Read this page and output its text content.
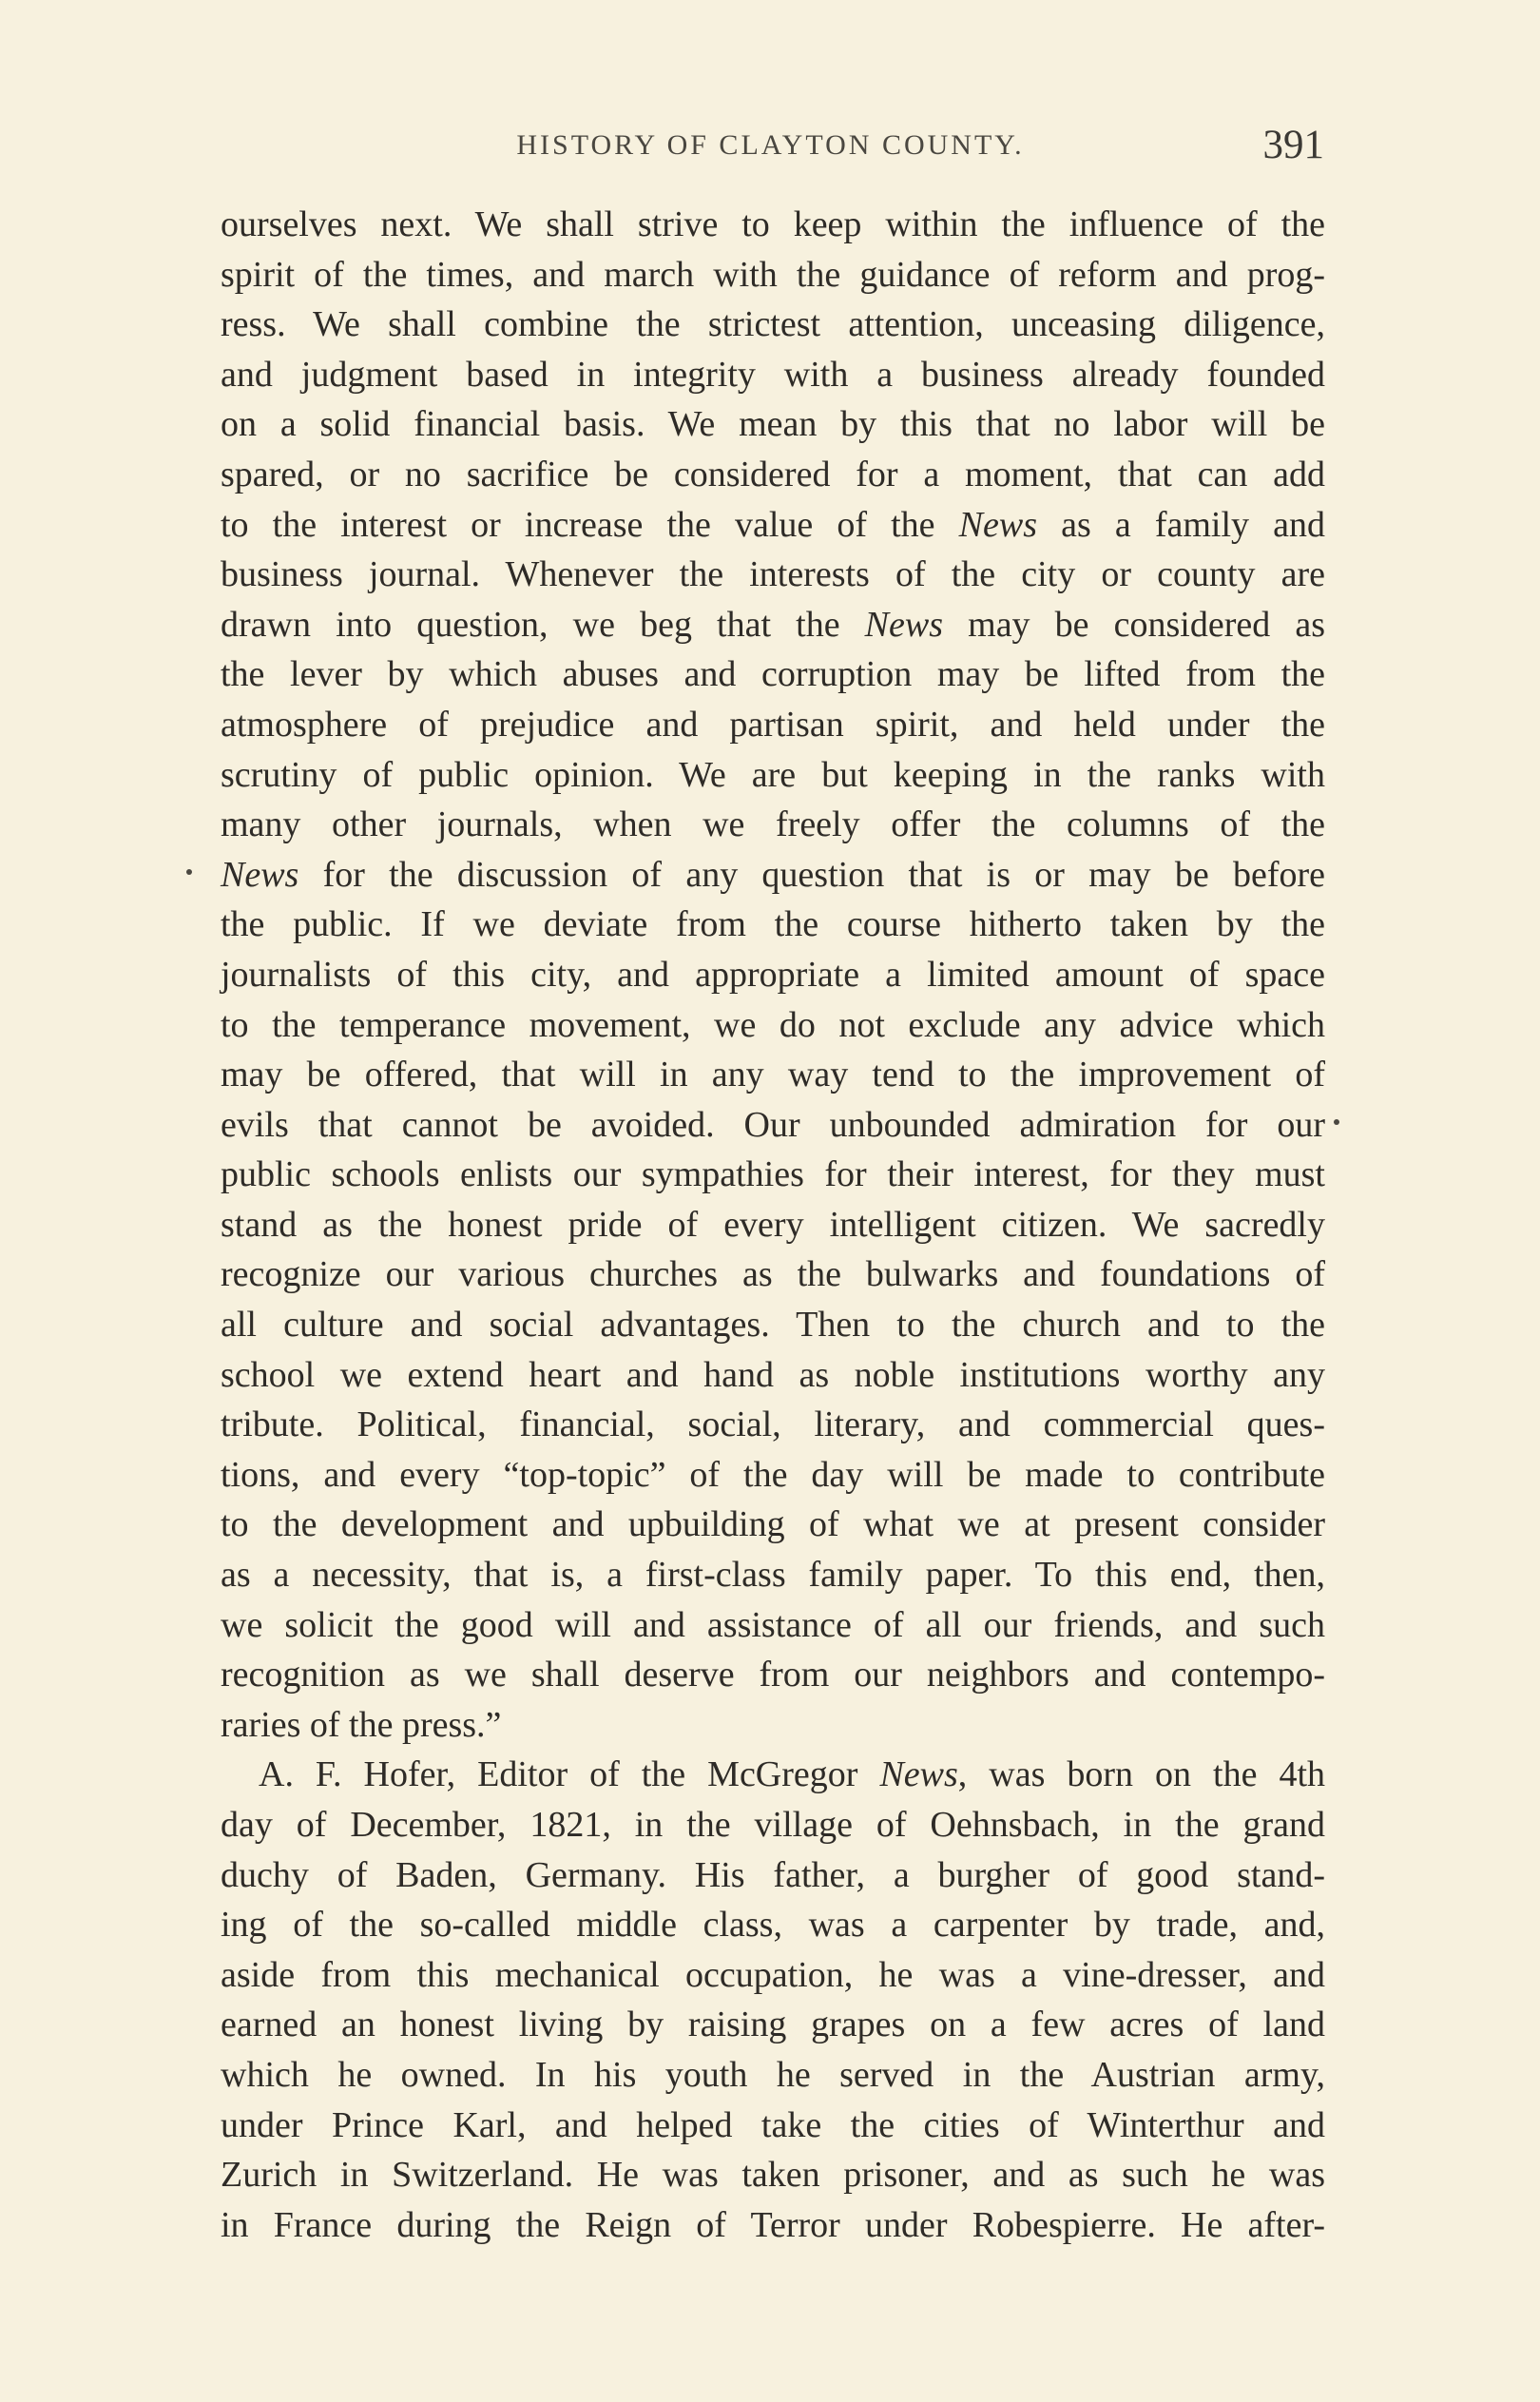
HISTORY OF CLAYTON COUNTY.	391
ourselves next. We shall strive to keep within the influence of the
spirit of the times, and march with the guidance of reform and prog-
ress. We shall combine the strictest attention, unceasing diligence,
and judgment based in integrity with a business already founded
on a solid financial basis. We mean by this that no labor will be
spared, or no sacrifice be considered for a moment, that can add
to the interest or increase the value of the News as a family and
business journal. Whenever the interests of the city or county are
drawn into question, we beg that the News may be considered as
the lever by which abuses and corruption may be lifted from the
atmosphere of prejudice and partisan spirit, and held under the
scrutiny of public opinion. We are but keeping in the ranks with
many other journals, when we freely offer the columns of the
News for the discussion of any question that is or may be before
the public. If we deviate from the course hitherto taken by the
journalists of this city, and appropriate a limited amount of space
to the temperance movement, we do not exclude any advice which
may be offered, that will in any way tend to the improvement of
evils that cannot be avoided. Our unbounded admiration for our
public schools enlists our sympathies for their interest, for they must
stand as the honest pride of every intelligent citizen. We sacredly
recognize our various churches as the bulwarks and foundations of
all culture and social advantages. Then to the church and to the
school we extend heart and hand as noble institutions worthy any
tribute. Political, financial, social, literary, and commercial ques-
tions, and every “top-topic” of the day will be made to contribute
to the development and upbuilding of what we at present consider
as a necessity, that is, a first-class family paper. To this end, then,
we solicit the good will and assistance of all our friends, and such
recognition as we shall deserve from our neighbors and contempo-
raries of the press.”
A. F. Hofer, Editor of the McGregor News, was born on the 4th
day of December, 1821, in the village of Oehnsbach, in the grand
duchy of Baden, Germany. His father, a burgher of good stand-
ing of the so-called middle class, was a carpenter by trade, and,
aside from this mechanical occupation, he was a vine-dresser, and
earned an honest living by raising grapes on a few acres of land
which he owned. In his youth he served in the Austrian army,
under Prince Karl, and helped take the cities of Winterthur and
Zurich in Switzerland. He was taken prisoner, and as such he was
in France during the Reign of Terror under Robespierre. He after-
